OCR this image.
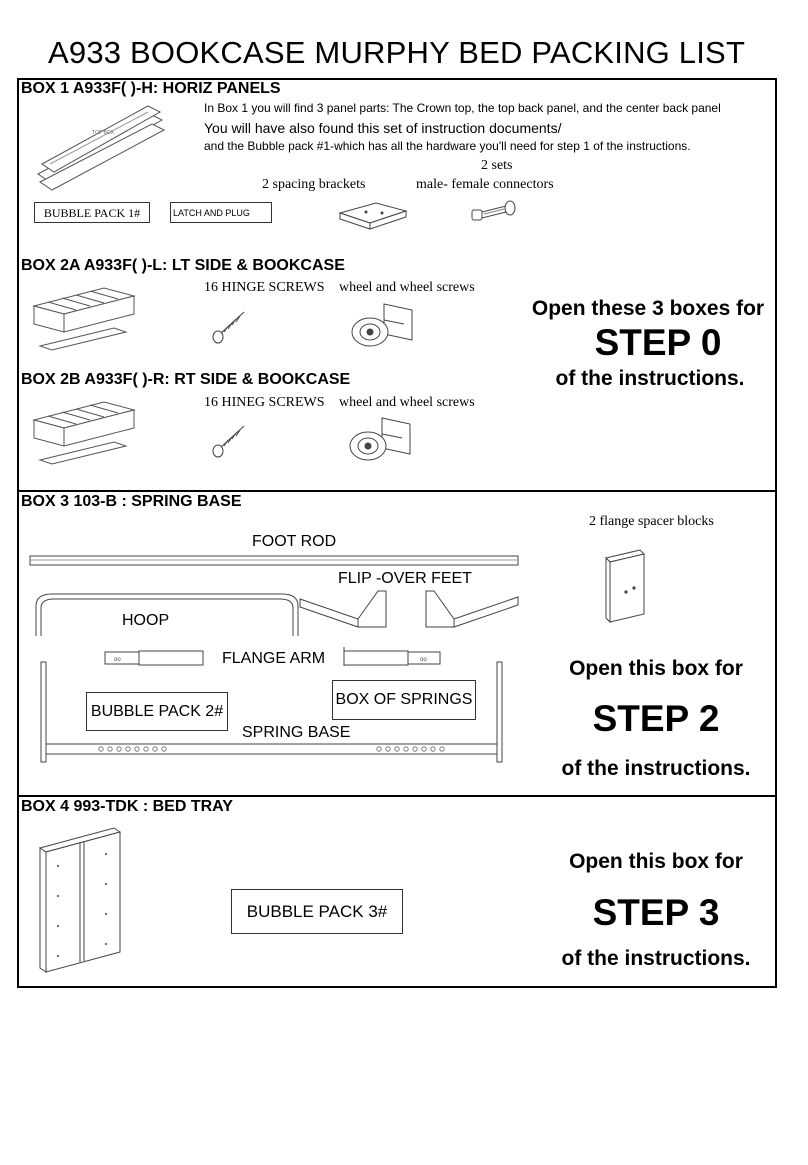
A933 BOOKCASE MURPHY BED PACKING LIST
BOX 1 A933F( )-H: HORIZ PANELS
In Box 1 you will find 3 panel parts: The Crown top, the top back panel, and the center back panel
You will have also found this set of instruction documents/
and the Bubble pack #1-which has all the hardware you'll need for step 1 of the instructions.
2 sets
2 spacing brackets	male- female connectors
TOP BOX
BUBBLE PACK 1#	LATCH AND PLUG
BOX 2A A933F( )-L: LT SIDE & BOOKCASE
16 HINGE SCREWS wheel and wheel screws
BOX 2B A933F( )-R: RT SIDE & BOOKCASE
16 HINEG SCREWS wheel and wheel screws
Open these 3 boxes for
STEP 0
of the instructions.
BOX 3 103-B : SPRING BASE
2 flange spacer blocks
FOOT ROD
FLIP -OVER FEET
HOOP
oo	FLANGE ARM	oo
BUBBLE PACK 2#
BOX OF SPRINGS
SPRING BASE
Open this box for
STEP 2
of the instructions.
BOX 4 993-TDK : BED TRAY
BUBBLE PACK 3#
Open this box for
STEP 3
of the instructions.
